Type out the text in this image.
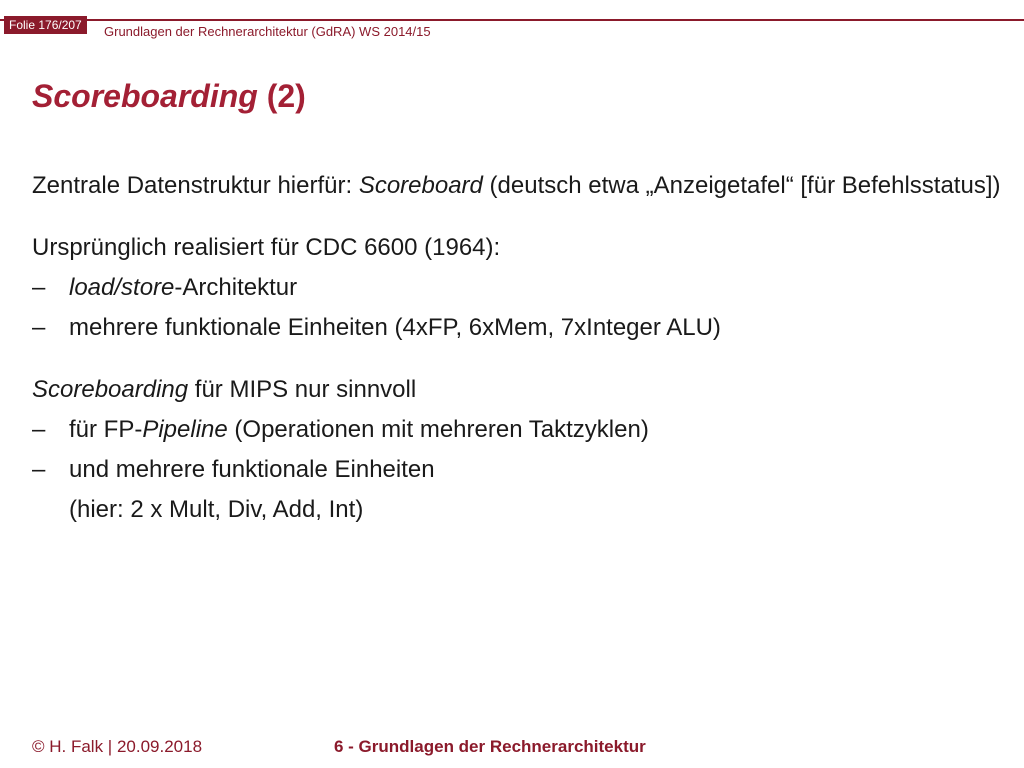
Folie 176/207	Grundlagen der Rechnerarchitektur (GdRA) WS 2014/15
Scoreboarding (2)

Zentrale Datenstruktur hierfür: Scoreboard (deutsch etwa „Anzeigetafel“ [für Befehlsstatus])

Ursprünglich realisiert für CDC 6600 (1964):

– load/store-Architektur

– mehrere funktionale Einheiten (4xFP, 6xMem, 7xInteger ALU)

Scoreboarding für MIPS nur sinnvoll

– für FP-Pipeline (Operationen mit mehreren Taktzyklen)

– und mehrere funktionale Einheiten

(hier: 2 x Mult, Div, Add, Int)

© H. Falk | 20.09.2018	6 - Grundlagen der Rechnerarchitektur
